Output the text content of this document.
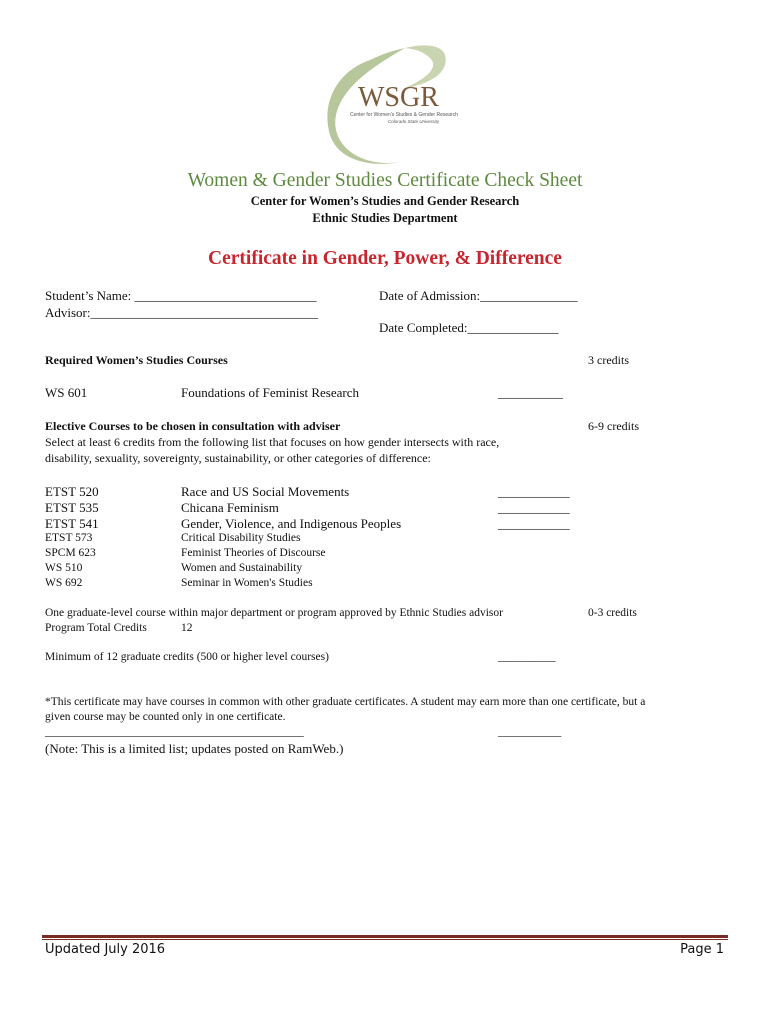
WSGR
Center for Women's Studies & Gender Research
Colorado State University
Women & Gender Studies Certificate Check Sheet
Center for Women’s Studies and Gender Research
Ethnic Studies Department
Certificate in Gender, Power, & Difference
Student’s Name: ____________________________
Advisor:___________________________________
Date of Admission:_______________
Date Completed:______________
Required Women’s Studies Courses	3 credits
WS 601	Foundations of Feminist Research	__________
Elective Courses to be chosen in consultation with adviser	6-9 credits
Select at least 6 credits from the following list that focuses on how gender intersects with race,
disability, sexuality, sovereignty, sustainability, or other categories of difference:
ETST 520	Race and US Social Movements	___________
ETST 535	Chicana Feminism	___________
ETST 541	Gender, Violence, and Indigenous Peoples	___________
ETST 573	Critical Disability Studies
SPCM 623	Feminist Theories of Discourse
WS 510	Women and Sustainability
WS 692	Seminar in Women's Studies
One graduate-level course within major department or program approved by Ethnic Studies advisor	0-3 credits
Program Total Credits	12
Minimum of 12 graduate credits (500 or higher level courses)	__________
*This certificate may have courses in common with other graduate certificates. A student may earn more than one certificate, but a
given course may be counted only in one certificate.
_____________________________________________	___________
(Note: This is a limited list; updates posted on RamWeb.)
Updated July 2016	Page 1
